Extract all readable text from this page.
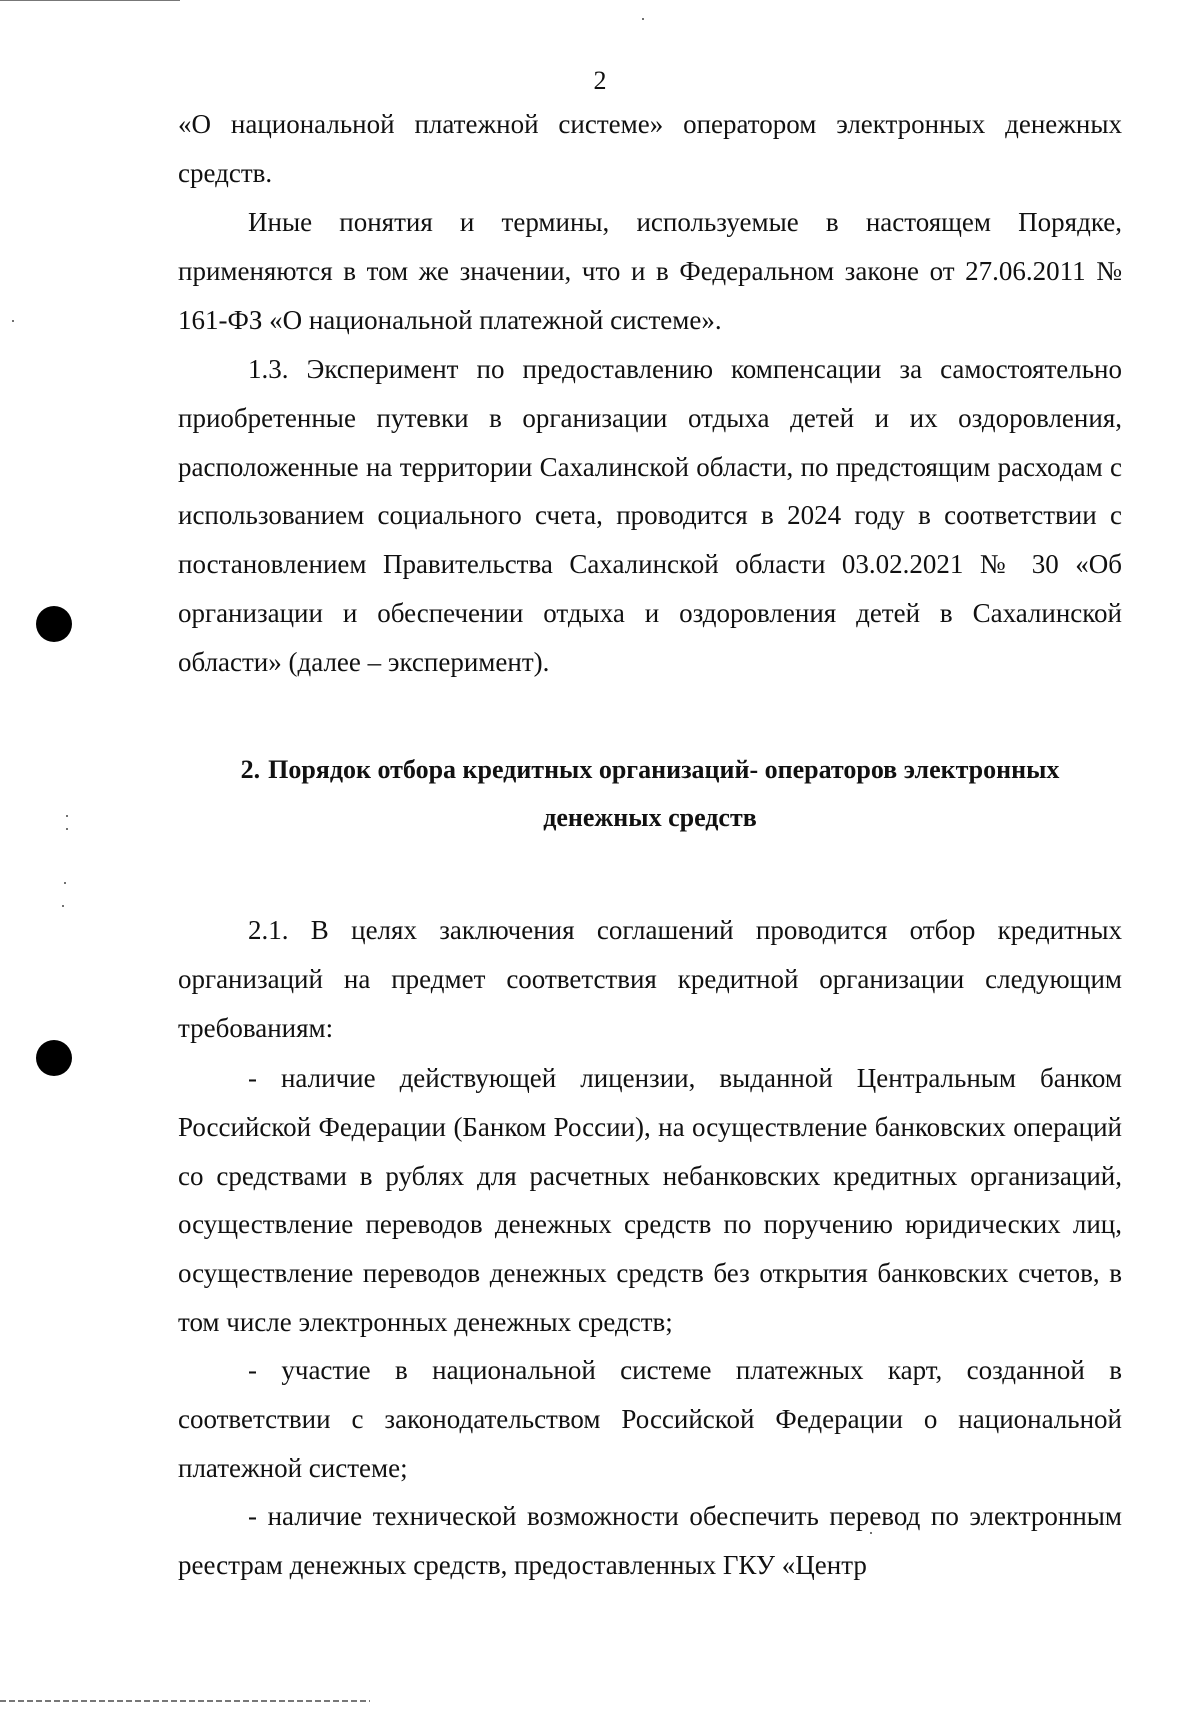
2

«О национальной платежной системе» оператором электронных денежных средств.

Иные понятия и термины, используемые в настоящем Порядке, применяются в том же значении, что и в Федеральном законе от 27.06.2011 № 161-ФЗ «О национальной платежной системе».

1.3. Эксперимент по предоставлению компенсации за самостоятельно приобретенные путевки в организации отдыха детей и их оздоровления, расположенные на территории Сахалинской области, по предстоящим расходам с использованием социального счета, проводится в 2024 году в соответствии с постановлением Правительства Сахалинской области 03.02.2021 № 30 «Об организации и обеспечении отдыха и оздоровления детей в Сахалинской области» (далее – эксперимент).

2. Порядок отбора кредитных организаций- операторов электронных
денежных средств

2.1. В целях заключения соглашений проводится отбор кредитных организаций на предмет соответствия кредитной организации следующим требованиям:

- наличие действующей лицензии, выданной Центральным банком Российской Федерации (Банком России), на осуществление банковских операций со средствами в рублях для расчетных небанковских кредитных организаций, осуществление переводов денежных средств по поручению юридических лиц, осуществление переводов денежных средств без открытия банковских счетов, в том числе электронных денежных средств;

- участие в национальной системе платежных карт, созданной в соответствии с законодательством Российской Федерации о национальной платежной системе;

- наличие технической возможности обеспечить перевод по электронным реестрам денежных средств, предоставленных ГКУ «Центр
